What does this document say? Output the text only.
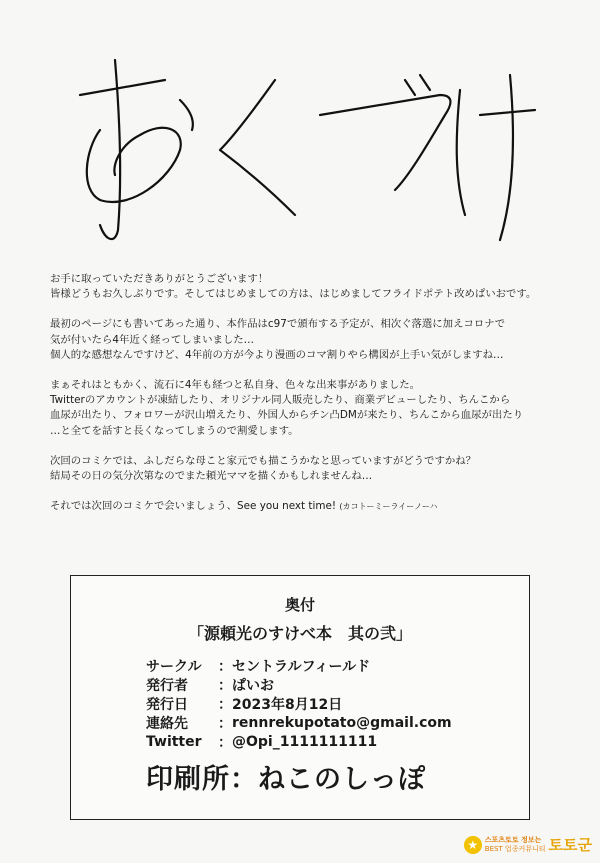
お手に取っていただきありがとうございます！
皆様どうもお久しぶりです。そしてはじめましての方は、はじめましてフライドポテト改めぱいおです。

最初のページにも書いてあった通り、本作品はc97で頒布する予定が、相次ぐ落選に加えコロナで
気が付いたら4年近く経ってしまいました…
個人的な感想なんですけど、4年前の方が今より漫画のコマ割りやら構図が上手い気がしますね…

まぁそれはともかく、流石に4年も経つと私自身、色々な出来事がありました。
Twitterのアカウントが凍結したり、オリジナル同人販売したり、商業デビューしたり、ちんこから
血尿が出たり、フォロワーが沢山増えたり、外国人からチン凸DMが来たり、ちんこから血尿が出たり
…と全てを話すと長くなってしまうので割愛します。

次回のコミケでは、ふしだらな母こと家元でも描こうかなと思っていますがどうですかね？
結局その日の気分次第なのでまた頼光ママを描くかもしれませんね…

それでは次回のコミケで会いましょう、See you next time! (カコトーミーライーノーハ

奥付
「源頼光のすけべ本　其の弐」
サークル	： セントラルフィールド
発行者	： ぱいお
発行日	： 2023年8月12日
連絡先	： rennrekupotato@gmail.com
Twitter	： @Opi_1111111111
印刷所：ねこのしっぽ
★ 스포츠토토 정보는
BEST 업종커뮤니티 토토군
